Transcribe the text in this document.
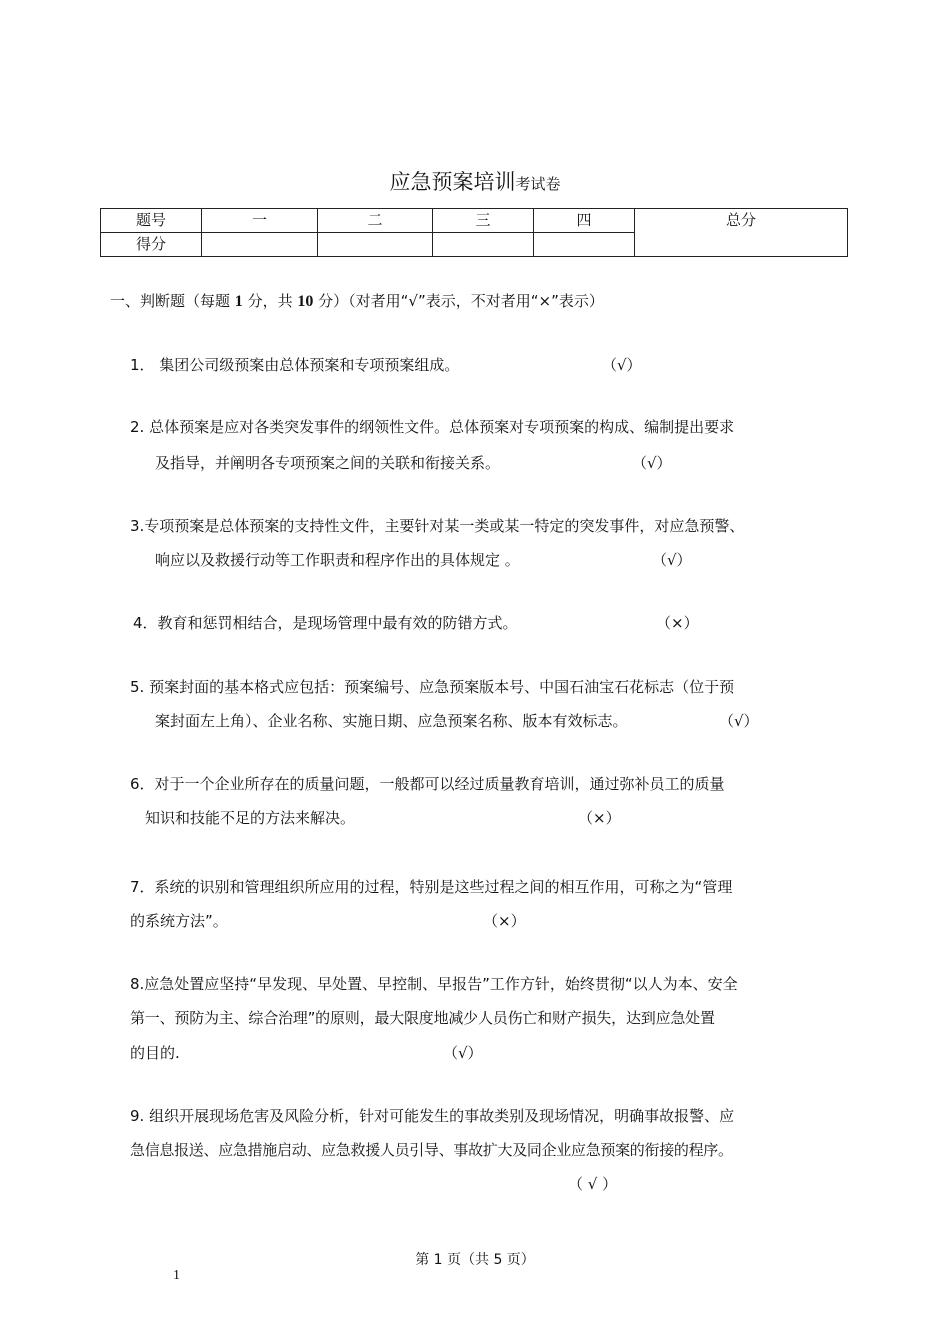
应急预案培训考试卷
题号	一	二	三	四	总分
得分					
一、判断题（每题 1 分，共 10 分）（对者用“√”表示，不对者用“×”表示）
1． 集团公司级预案由总体预案和专项预案组成。	（√）
2. 总体预案是应对各类突发事件的纲领性文件。总体预案对专项预案的构成、编制提出要求
及指导，并阐明各专项预案之间的关联和衔接关系。	（√）
3.专项预案是总体预案的支持性文件，主要针对某一类或某一特定的突发事件，对应急预警、
响应以及救援行动等工作职责和程序作出的具体规定 。	（√）
4．教育和惩罚相结合，是现场管理中最有效的防错方式。	（×）
5. 预案封面的基本格式应包括：预案编号、应急预案版本号、中国石油宝石花标志（位于预
案封面左上角）、企业名称、实施日期、应急预案名称、版本有效标志。	（√）
6．对于一个企业所存在的质量问题，一般都可以经过质量教育培训，通过弥补员工的质量
知识和技能不足的方法来解决。	（×）
7．系统的识别和管理组织所应用的过程，特别是这些过程之间的相互作用，可称之为“管理
的系统方法”。	（×）
8.应急处置应坚持“早发现、早处置、早控制、早报告”工作方针，始终贯彻“以人为本、安全
第一、预防为主、综合治理”的原则，最大限度地减少人员伤亡和财产损失，达到应急处置
的目的.	（√）
9. 组织开展现场危害及风险分析，针对可能发生的事故类别及现场情况，明确事故报警、应
急信息报送、应急措施启动、应急救援人员引导、事故扩大及同企业应急预案的衔接的程序。
（ √ ）
第 1 页（共 5 页）
1
